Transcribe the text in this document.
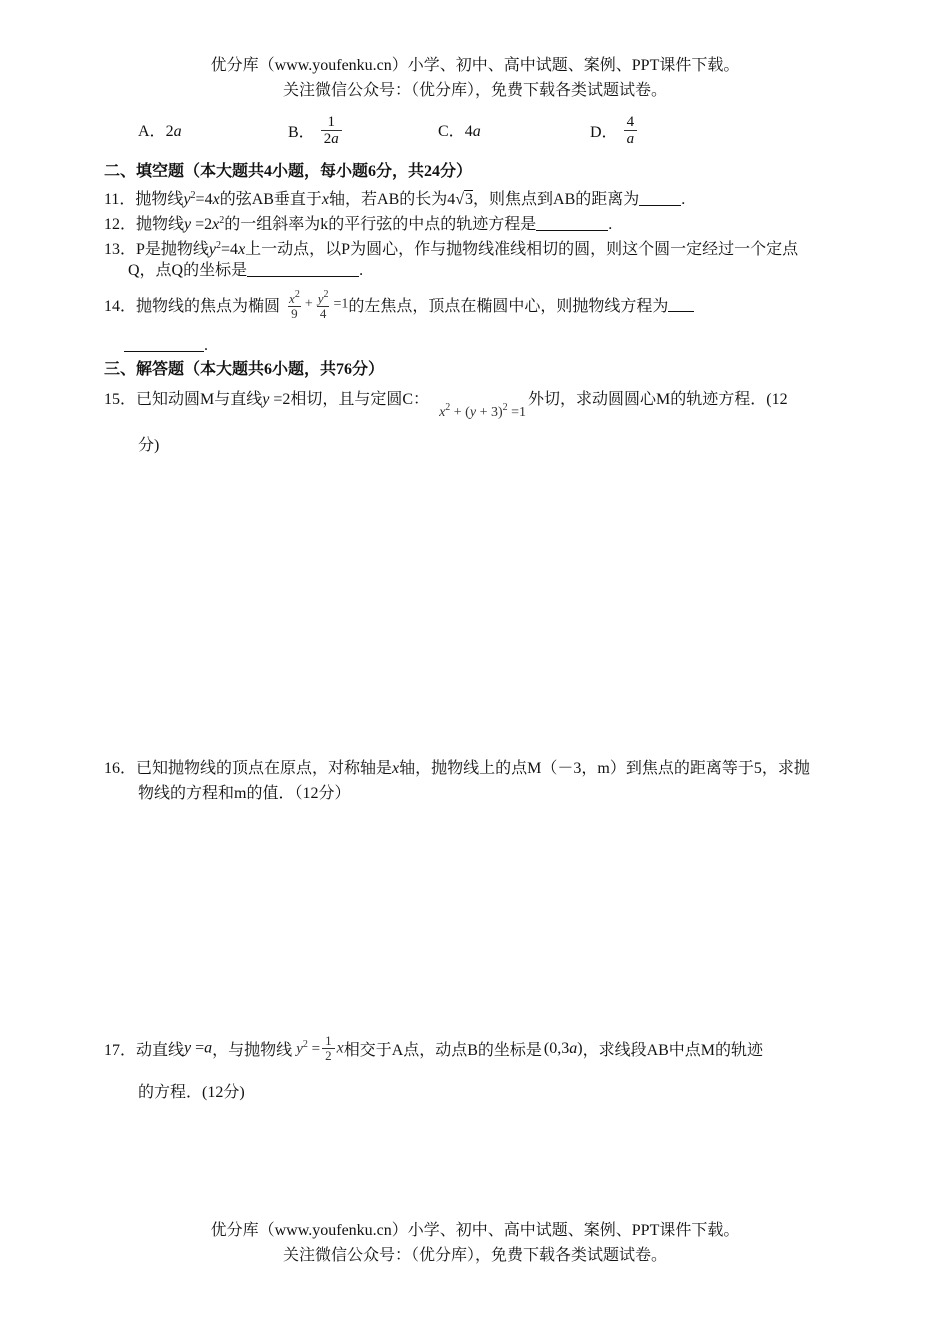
优分库（www.youfenku.cn）小学、初中、高中试题、案例、PPT课件下载。
关注微信公众号：（优分库），免费下载各类试题试卷。
A．2a	B． $\frac{1}{2a}$	C．4a	D． $\frac{4}{a}$
二、填空题（本大题共4小题，每小题6分，共24分）
11．抛物线$y^2=4x$的弦AB垂直于x轴，若AB的长为4√3，则焦点到AB的距离为	.
12．抛物线$y =2x^2$的一组斜率为k的平行弦的中点的轨迹方程是	.
13．P是抛物线$y^2=4x$上一动点，以P为圆心，作与抛物线准线相切的圆，则这个圆一定经过一个定点
Q，点Q的坐标是	.
14．抛物线的焦点为椭圆 $\frac{x^2}{9} + \frac{y^2}{4} =1$的左焦点，顶点在椭圆中心，则抛物线方程为
.
三、解答题（本大题共6小题，共76分）
15．已知动圆M与直线y =2相切，且与定圆C：$x^2 + (y + 3)^2 =1$外切，求动圆圆心M的轨迹方程．(12
分)
16．已知抛物线的顶点在原点，对称轴是x轴，抛物线上的点M（－3，m）到焦点的距离等于5，求抛
物线的方程和m的值．（12分）
17．动直线y =a，与抛物线 $y^2 = \frac{1}{2}$ x相交于A点，动点B的坐标是 (0,3a)，求线段AB中点M的轨迹
的方程．(12分)
优分库（www.youfenku.cn）小学、初中、高中试题、案例、PPT课件下载。
关注微信公众号：（优分库），免费下载各类试题试卷。
